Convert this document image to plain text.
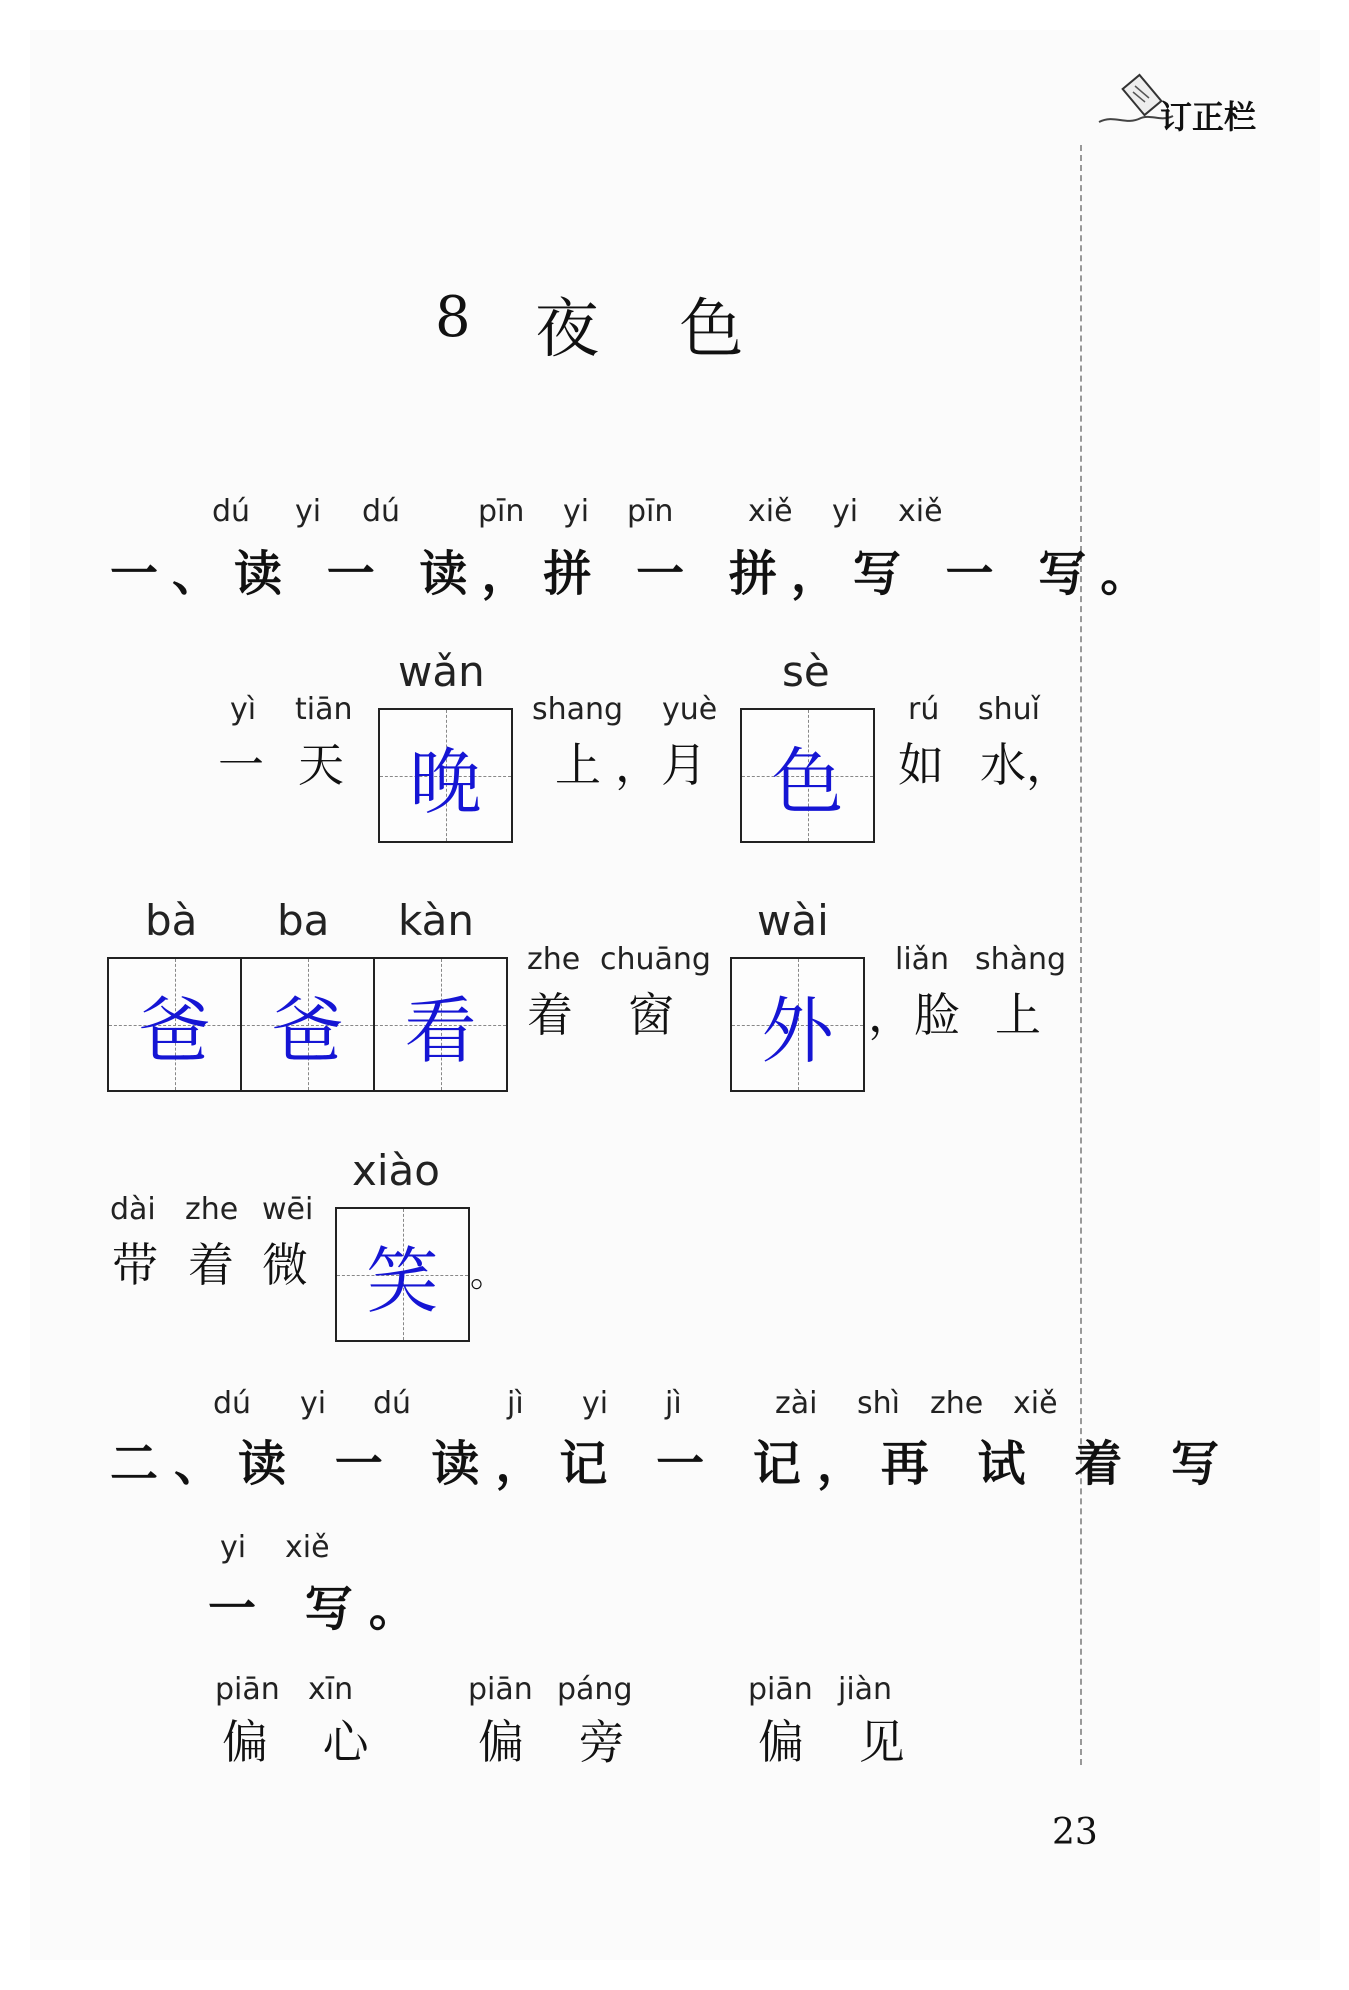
订正栏
8 夜 色
dú yi dú	pīn yi pīn xiě yi xiě
一、读 一 读，拼 一 拼，写 一 写。
yì tiān
wǎn
shang yuè
sè
rú shuǐ
一 天 晚	上 ，月 色	如 水，
bà ba kàn
zhe chuāng
wài
liǎn shàng
爸 爸 看	着 窗	外 ，脸 上
dài zhe wēi
xiào
带 着 微 笑 。
dú yi dú	jì yi jì	zài shì zhe xiě
二、读 一 读，记 一 记，再 试 着 写
yi xiě
一 写。
piān xīn
偏 心
piān páng
偏 旁
piān jiàn
偏 见
23
